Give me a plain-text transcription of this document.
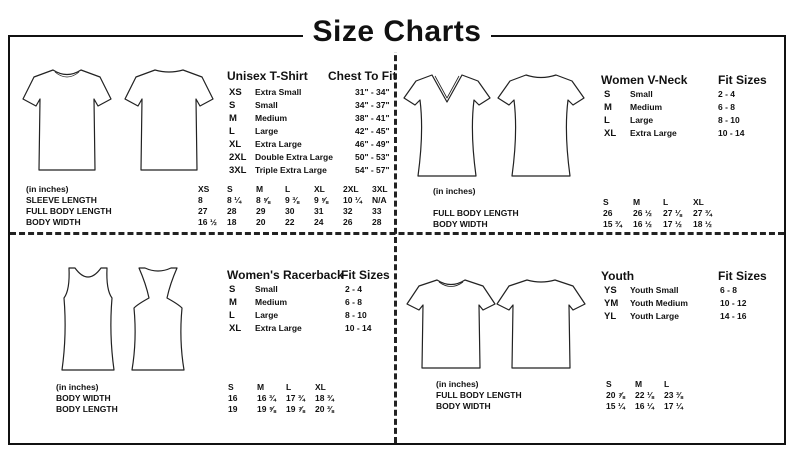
Size Charts
Unisex T-Shirt Chest To Fit
XS	Extra Small	31" - 34"
S	Small	34" - 37"
M	Medium	38" - 41"
L	Large	42" - 45"
XL	Extra Large	46" - 49"
2XL	Double Extra Large	50" - 53"
3XL	Triple Extra Large	54" - 57"
(in inches)	XS	S	M	L	XL	2XL	3XL
SLEEVE LENGTH	8	8 ¼	8 ⅝	9 ⅜	9 ⅝	10 ¼	N/A
FULL BODY LENGTH	27	28	29	30	31	32	33
BODY WIDTH	16 ½	18	20	22	24	26	28
Women V-Neck	Fit Sizes
S	Small	2 - 4
M	Medium	6 - 8
L	Large	8 - 10
XL	Extra Large	10 - 14
(in inches)
S	M	L	XL
FULL BODY LENGTH	26	26 ½	27 ⅛	27 ¾
BODY WIDTH	15 ¾	16 ½	17 ½	18 ½
Women's Racerback
Fit Sizes
S	Small	2 - 4
M	Medium	6 - 8
L	Large	8 - 10
XL	Extra Large	10 - 14
(in inches)	S	M	L	XL
BODY WIDTH	16	16 ¾	17 ¾	18 ¾
BODY LENGTH	19	19 ⅝	19 ⅞	20 ⅜
Youth	Fit Sizes
YS	Youth Small	6 - 8
YM	Youth Medium	10 - 12
YL	Youth Large	14 - 16
(in inches)	S	M	L
FULL BODY LENGTH	20 ⅞	22 ⅛	23 ⅜
BODY WIDTH	15 ¼	16 ¼	17 ¼
